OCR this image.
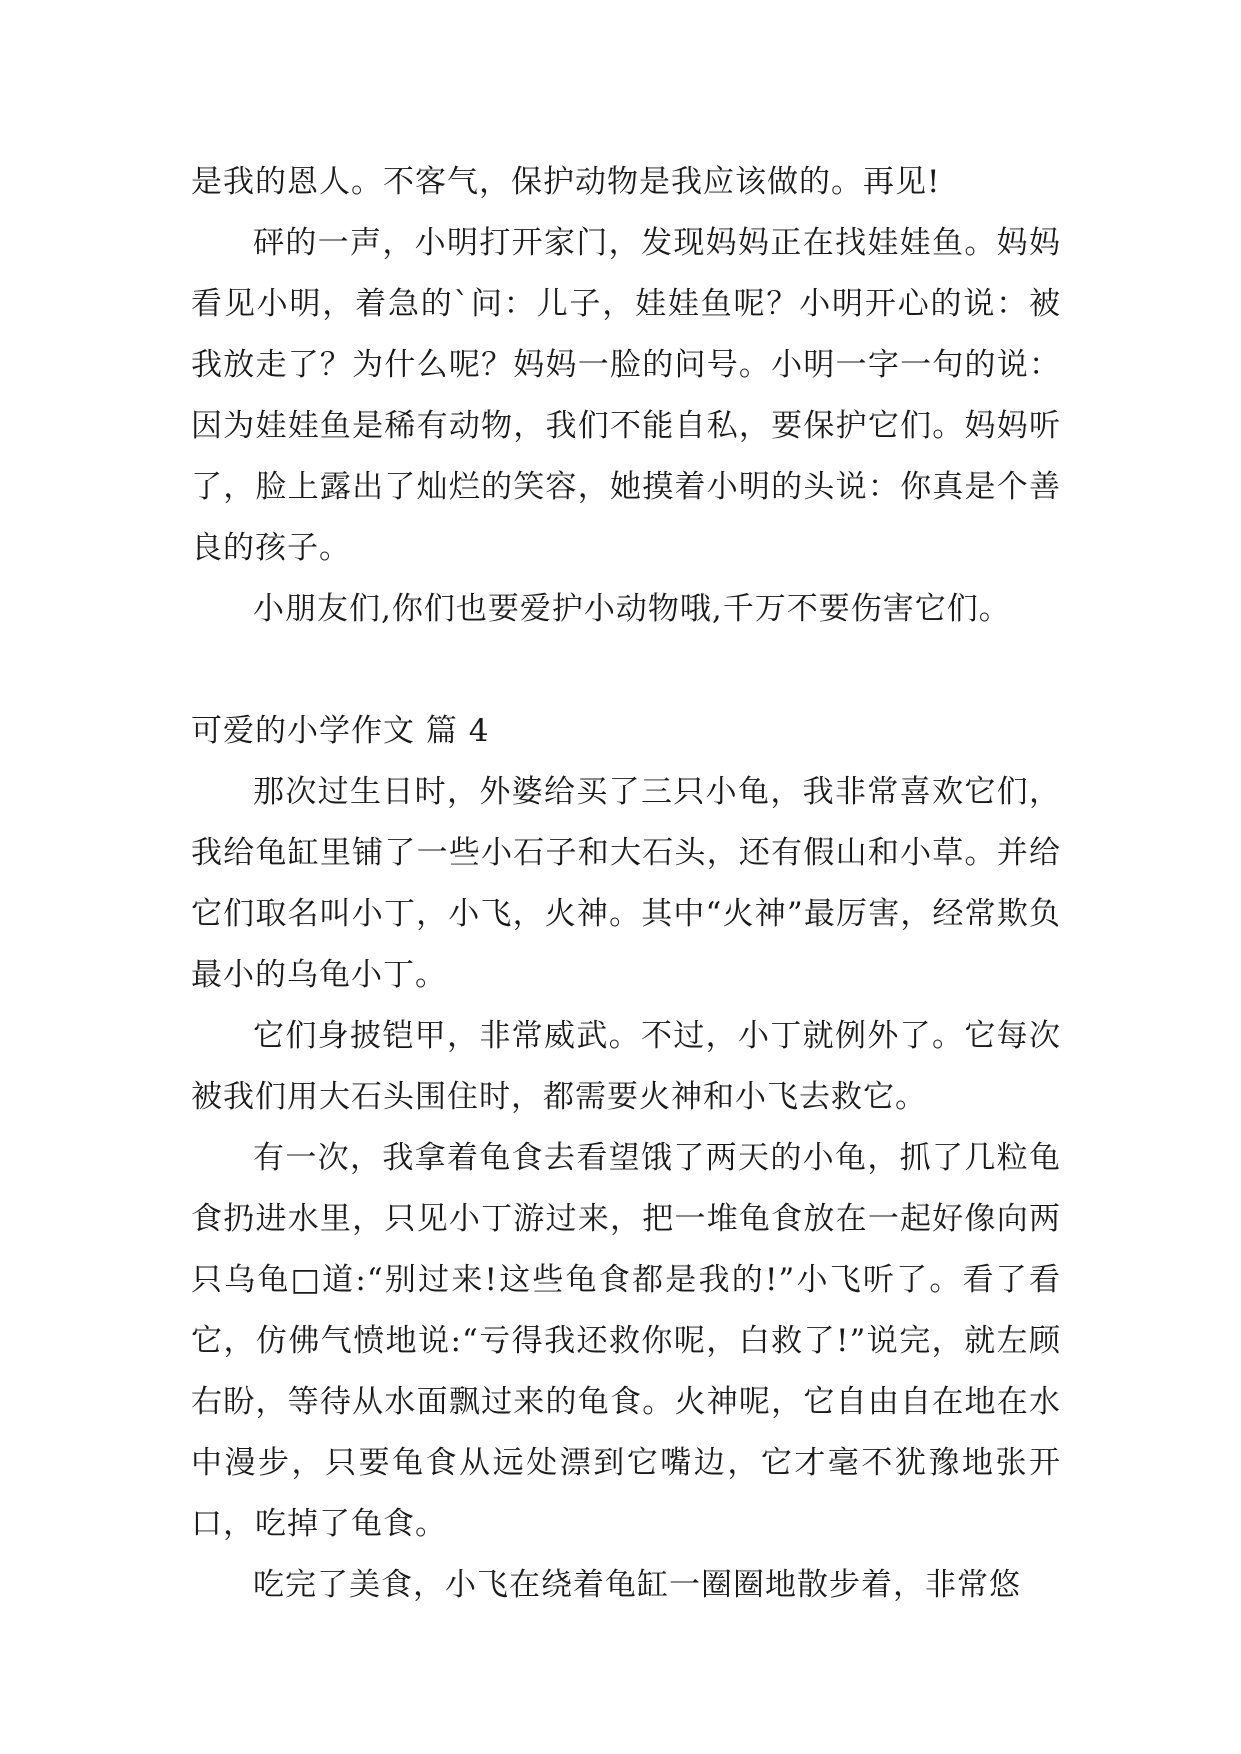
是我的恩人。不客气，保护动物是我应该做的。再见!

砰的一声，小明打开家门，发现妈妈正在找娃娃鱼。妈妈看见小明，着急的`问：儿子，娃娃鱼呢？小明开心的说：被我放走了？为什么呢？妈妈一脸的问号。小明一字一句的说：因为娃娃鱼是稀有动物，我们不能自私，要保护它们。妈妈听了，脸上露出了灿烂的笑容，她摸着小明的头说：你真是个善良的孩子。

小朋友们,你们也要爱护小动物哦,千万不要伤害它们。

可爱的小学作文 篇 4

那次过生日时，外婆给买了三只小龟，我非常喜欢它们，我给龟缸里铺了一些小石子和大石头，还有假山和小草。并给它们取名叫小丁，小飞，火神。其中“火神”最厉害，经常欺负最小的乌龟小丁。

它们身披铠甲，非常威武。不过，小丁就例外了。它每次被我们用大石头围住时，都需要火神和小飞去救它。

有一次，我拿着龟食去看望饿了两天的小龟，抓了几粒龟食扔进水里，只见小丁游过来，把一堆龟食放在一起好像向两只乌龟□道:“别过来!这些龟食都是我的!”小飞听了。看了看它，仿佛气愤地说:“亏得我还救你呢，白救了!”说完，就左顾右盼，等待从水面飘过来的龟食。火神呢，它自由自在地在水中漫步，只要龟食从远处漂到它嘴边，它才毫不犹豫地张开口，吃掉了龟食。

吃完了美食，小飞在绕着龟缸一圈圈地散步着，非常悠
